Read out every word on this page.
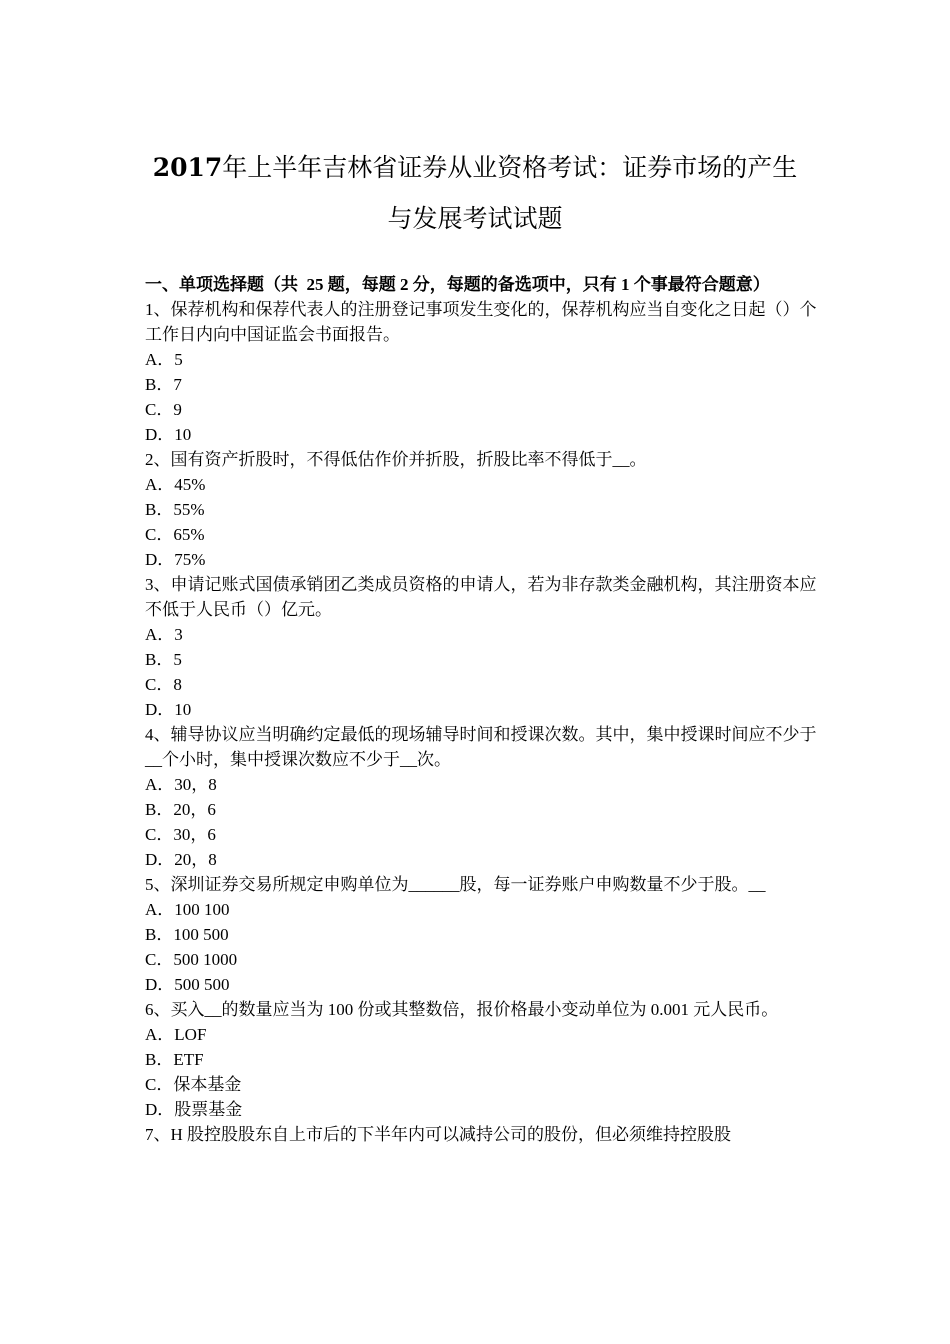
2017年上半年吉林省证券从业资格考试：证券市场的产生
与发展考试试题

一、单项选择题（共  25 题，每题 2 分，每题的备选项中，只有 1 个事最符合题意）

1、保荐机构和保荐代表人的注册登记事项发生变化的，保荐机构应当自变化之日起（）个工作日内向中国证监会书面报告。

A．5

B．7

C．9

D．10

2、国有资产折股时，不得低估作价并折股，折股比率不得低于__。

A．45%

B．55%

C．65%

D．75%

3、申请记账式国债承销团乙类成员资格的申请人，若为非存款类金融机构，其注册资本应不低于人民币（）亿元。

A．3

B．5

C．8

D．10

4、辅导协议应当明确约定最低的现场辅导时间和授课次数。其中，集中授课时间应不少于__个小时，集中授课次数应不少于__次。

A．30，8

B．20，6

C．30，6

D．20，8

5、深圳证券交易所规定申购单位为______股，每一证券账户申购数量不少于股。__

A．100 100

B．100 500

C．500 1000

D．500 500

6、买入__的数量应当为 100 份或其整数倍，报价格最小变动单位为 0.001 元人民币。

A．LOF

B．ETF

C．保本基金

D．股票基金

7、H 股控股股东自上市后的下半年内可以减持公司的股份，但必须维持控股股
